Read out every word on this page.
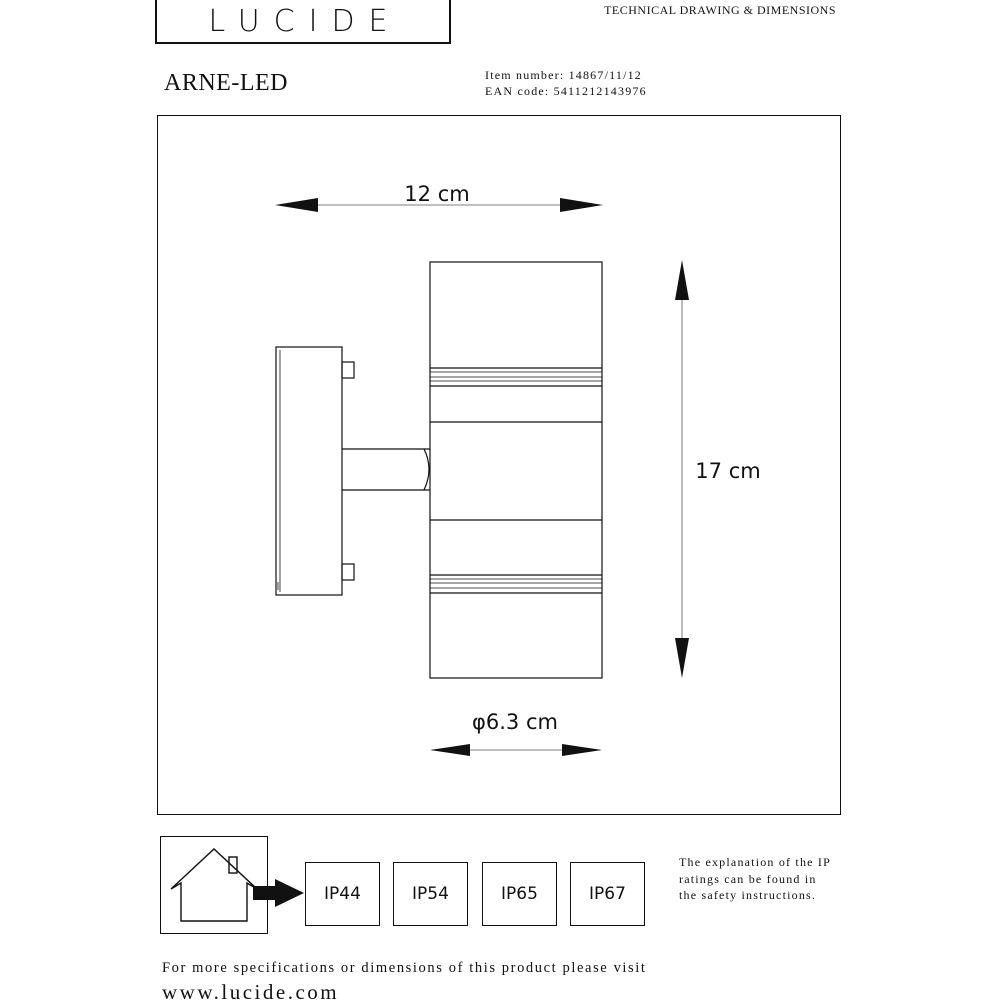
LUCIDE	TECHNICAL DRAWING & DIMENSIONS
ARNE-LED	Item number: 14867/11/12
EAN code: 5411212143976
12 cm
17 cm
φ6.3 cm
IP44	IP54	IP65	IP67
The explanation of the IP ratings can be found in the safety instructions.
For more specifications or dimensions of this product please visit
www.lucide.com
